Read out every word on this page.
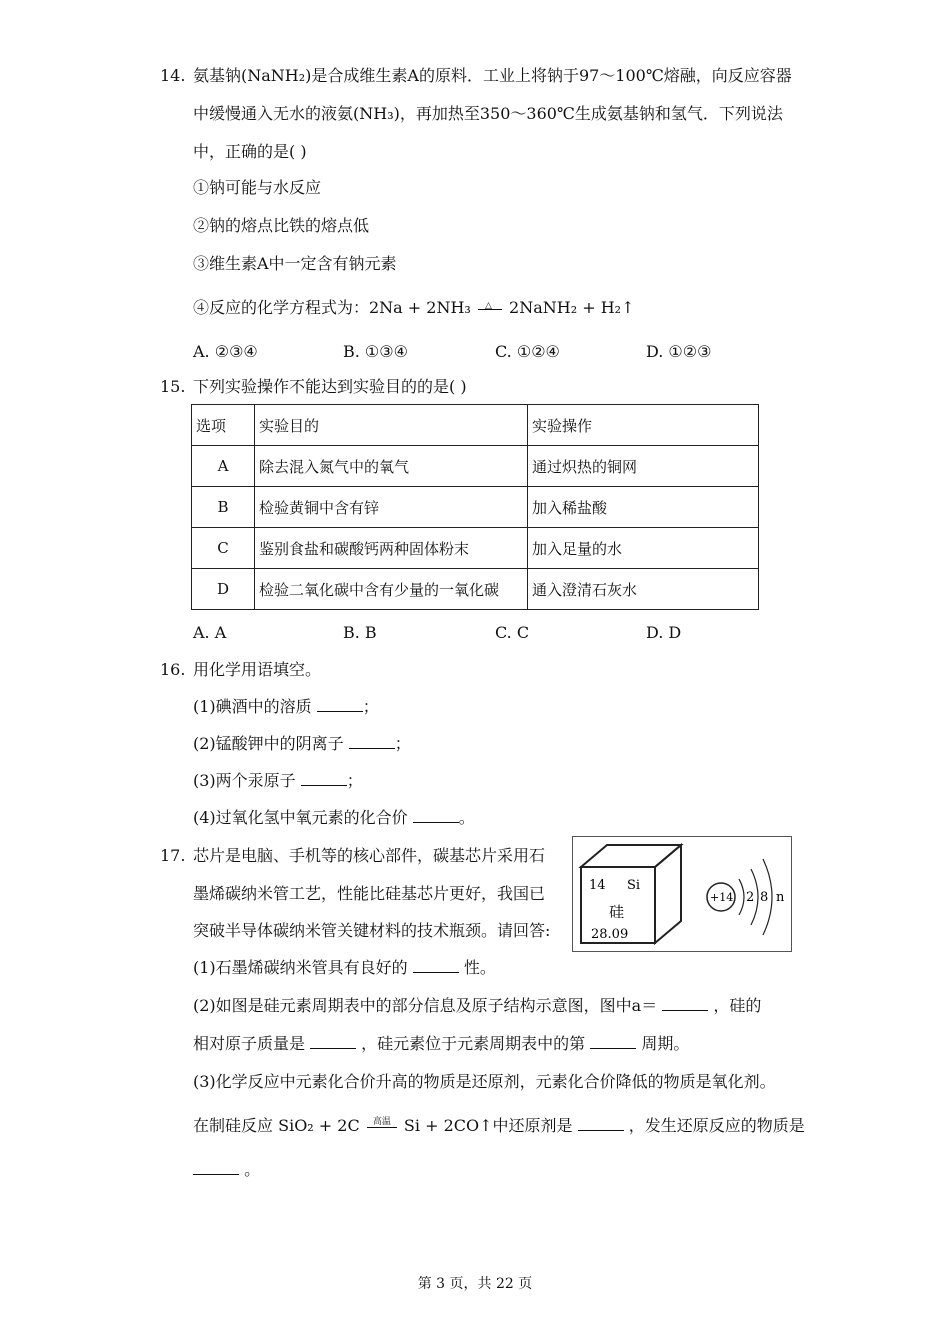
14. 氨基钠(NaNH₂)是合成维生素A的原料．工业上将钠于97～100℃熔融，向反应容器
中缓慢通入无水的液氨(NH₃)，再加热至350～360℃生成氨基钠和氢气．下列说法
中，正确的是( )
①钠可能与水反应
②钠的熔点比铁的熔点低
③维生素A中一定含有钠元素
④反应的化学方程式为：2Na + 2NH₃ △ 2NaNH₂ + H₂↑
A. ②③④	B. ①③④	C. ①②④	D. ①②③
15. 下列实验操作不能达到实验目的的是( )
选项	实验目的	实验操作
A	除去混入氮气中的氧气	通过炽热的铜网
B	检验黄铜中含有锌	加入稀盐酸
C	鉴别食盐和碳酸钙两种固体粉末	加入足量的水
D	检验二氧化碳中含有少量的一氧化碳	通入澄清石灰水
A. A	B. B	C. C	D. D
16. 用化学用语填空。
(1)碘酒中的溶质	；
(2)锰酸钾中的阴离子	；
(3)两个汞原子	；
(4)过氧化氢中氧元素的化合价	。
17. 芯片是电脑、手机等的核心部件，碳基芯片采用石
墨烯碳纳米管工艺，性能比硅基芯片更好，我国已
突破半导体碳纳米管关键材料的技术瓶颈。请回答:
14 Si
硅
28.09
+14 2 8 n
(1)石墨烯碳纳米管具有良好的	性。
(2)如图是硅元素周期表中的部分信息及原子结构示意图，图中a＝	，硅的
相对原子质量是	，硅元素位于元素周期表中的第	周期。
(3)化学反应中元素化合价升高的物质是还原剂，元素化合价降低的物质是氧化剂。
在制硅反应 SiO₂ + 2C 高温 Si + 2CO↑中还原剂是	，发生还原反应的物质是
。
第 3 页，共 22 页
